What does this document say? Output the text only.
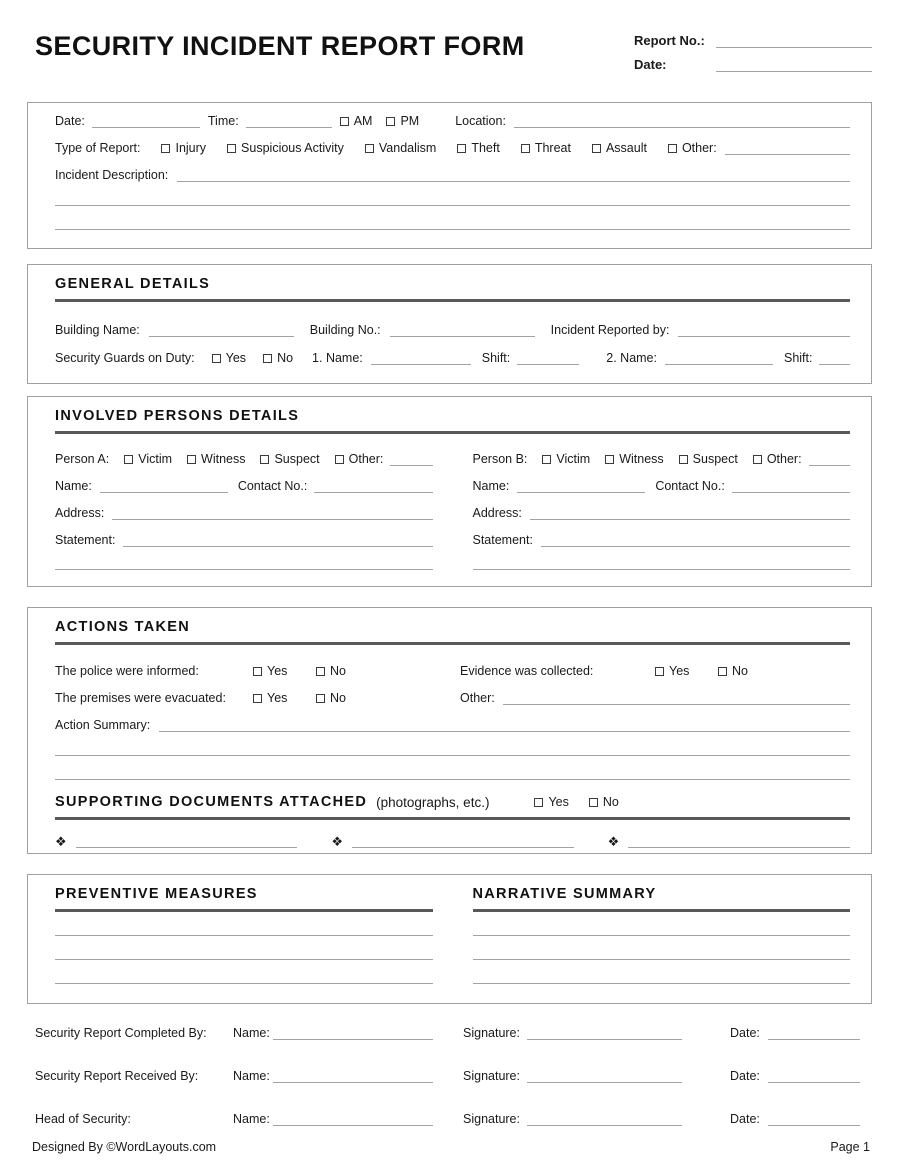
SECURITY INCIDENT REPORT FORM	Report No.:
Date:
Date:	Time:	AM PM	Location:
Type of Report:	Injury	Suspicious Activity	Vandalism	Theft	Threat	Assault	Other:
Incident Description:
GENERAL DETAILS
Building Name:	Building No.:	Incident Reported by:
Security Guards on Duty: Yes No 1. Name:	Shift:	2. Name:	Shift:
INVOLVED PERSONS DETAILS
Person A: Victim Witness Suspect Other:
Name:	Contact No.:
Address:
Statement:
Person B: Victim Witness Suspect Other:
Name:	Contact No.:
Address:
Statement:
ACTIONS TAKEN
The police were informed:	Yes	No	Evidence was collected:	Yes	No
The premises were evacuated:	Yes	No	Other:
Action Summary:
SUPPORTING DOCUMENTS ATTACHED (photographs, etc.)	Yes	No
❖	❖	❖
PREVENTIVE MEASURES	NARRATIVE SUMMARY
Security Report Completed By:	Name:	Signature:	Date:
Security Report Received By:	Name:	Signature:	Date:
Head of Security:	Name:	Signature:	Date:
Designed By ©WordLayouts.com	Page 1
